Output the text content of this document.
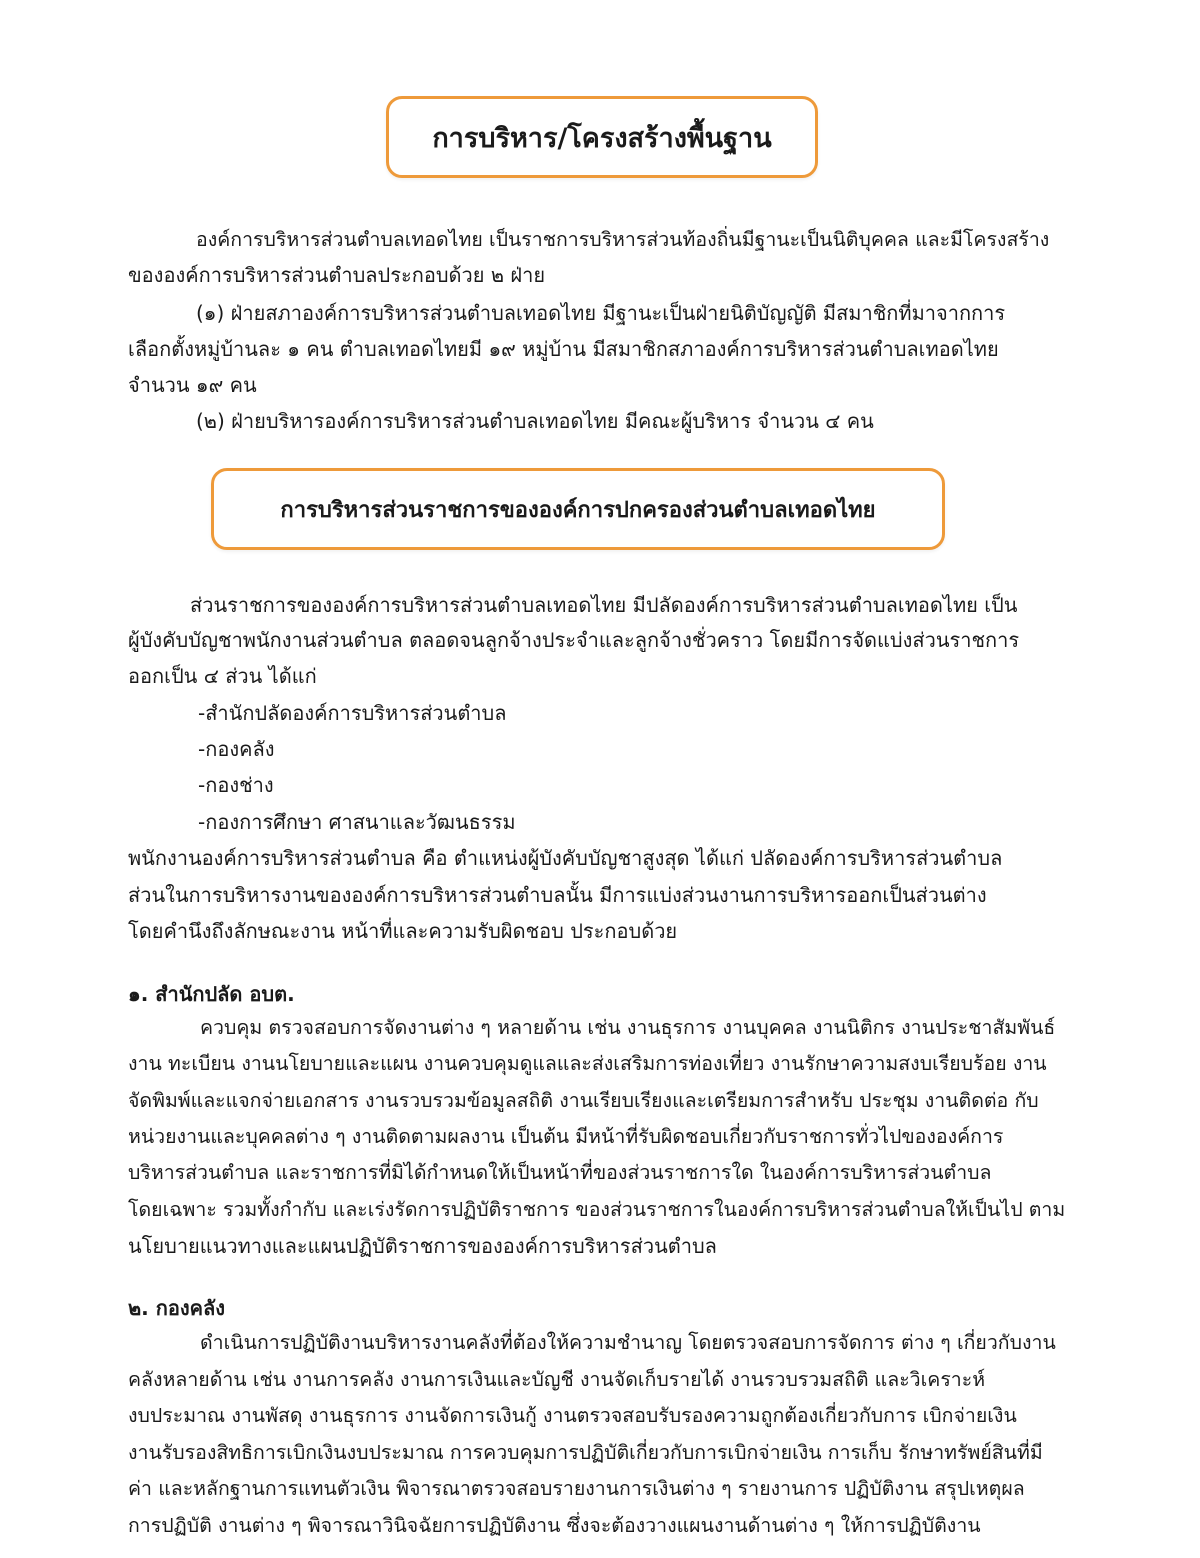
การบริหาร/โครงสร้างพื้นฐาน
องค์การบริหารส่วนตำบลเทอดไทย เป็นราชการบริหารส่วนท้องถิ่นมีฐานะเป็นนิติบุคคล และมีโครงสร้าง
ขององค์การบริหารส่วนตำบลประกอบด้วย ๒ ฝ่าย
(๑) ฝ่ายสภาองค์การบริหารส่วนตำบลเทอดไทย มีฐานะเป็นฝ่ายนิติบัญญัติ มีสมาชิกที่มาจากการ
เลือกตั้งหมู่บ้านละ ๑ คน ตำบลเทอดไทยมี ๑๙ หมู่บ้าน มีสมาชิกสภาองค์การบริหารส่วนตำบลเทอดไทย
จำนวน ๑๙ คน
(๒) ฝ่ายบริหารองค์การบริหารส่วนตำบลเทอดไทย มีคณะผู้บริหาร จำนวน ๔ คน
การบริหารส่วนราชการขององค์การปกครองส่วนตำบลเทอดไทย
ส่วนราชการขององค์การบริหารส่วนตำบลเทอดไทย มีปลัดองค์การบริหารส่วนตำบลเทอดไทย เป็น
ผู้บังคับบัญชาพนักงานส่วนตำบล ตลอดจนลูกจ้างประจำและลูกจ้างชั่วคราว โดยมีการจัดแบ่งส่วนราชการ
ออกเป็น ๔ ส่วน ได้แก่
-สำนักปลัดองค์การบริหารส่วนตำบล
-กองคลัง
-กองช่าง
-กองการศึกษา ศาสนาและวัฒนธรรม
พนักงานองค์การบริหารส่วนตำบล คือ ตำแหน่งผู้บังคับบัญชาสูงสุด ได้แก่ ปลัดองค์การบริหารส่วนตำบล
ส่วนในการบริหารงานขององค์การบริหารส่วนตำบลนั้น มีการแบ่งส่วนงานการบริหารออกเป็นส่วนต่าง
โดยคำนึงถึงลักษณะงาน หน้าที่และความรับผิดชอบ ประกอบด้วย
๑. สำนักปลัด อบต.
ควบคุม ตรวจสอบการจัดงานต่าง ๆ หลายด้าน เช่น งานธุรการ งานบุคคล งานนิติกร งานประชาสัมพันธ์
งาน ทะเบียน งานนโยบายและแผน งานควบคุมดูแลและส่งเสริมการท่องเที่ยว งานรักษาความสงบเรียบร้อย งาน
จัดพิมพ์และแจกจ่ายเอกสาร งานรวบรวมข้อมูลสถิติ งานเรียบเรียงและเตรียมการสำหรับ ประชุม งานติดต่อ กับ
หน่วยงานและบุคคลต่าง ๆ งานติดตามผลงาน เป็นต้น มีหน้าที่รับผิดชอบเกี่ยวกับราชการทั่วไปขององค์การ
บริหารส่วนตำบล และราชการที่มิได้กำหนดให้เป็นหน้าที่ของส่วนราชการใด ในองค์การบริหารส่วนตำบล
โดยเฉพาะ รวมทั้งกำกับ และเร่งรัดการปฏิบัติราชการ ของส่วนราชการในองค์การบริหารส่วนตำบลให้เป็นไป ตาม
นโยบายแนวทางและแผนปฏิบัติราชการขององค์การบริหารส่วนตำบล
๒. กองคลัง
ดำเนินการปฏิบัติงานบริหารงานคลังที่ต้องให้ความชำนาญ โดยตรวจสอบการจัดการ ต่าง ๆ เกี่ยวกับงาน
คลังหลายด้าน เช่น งานการคลัง งานการเงินและบัญชี งานจัดเก็บรายได้ งานรวบรวมสถิติ และวิเคราะห์
งบประมาณ งานพัสดุ งานธุรการ งานจัดการเงินกู้ งานตรวจสอบรับรองความถูกต้องเกี่ยวกับการ เบิกจ่ายเงิน
งานรับรองสิทธิการเบิกเงินงบประมาณ การควบคุมการปฏิบัติเกี่ยวกับการเบิกจ่ายเงิน การเก็บ รักษาทรัพย์สินที่มี
ค่า และหลักฐานการแทนตัวเงิน พิจารณาตรวจสอบรายงานการเงินต่าง ๆ รายงานการ ปฏิบัติงาน สรุปเหตุผล
การปฏิบัติ งานต่าง ๆ พิจารณาวินิจฉัยการปฏิบัติงาน ซึ่งจะต้องวางแผนงานด้านต่าง ๆ ให้การปฏิบัติงาน
